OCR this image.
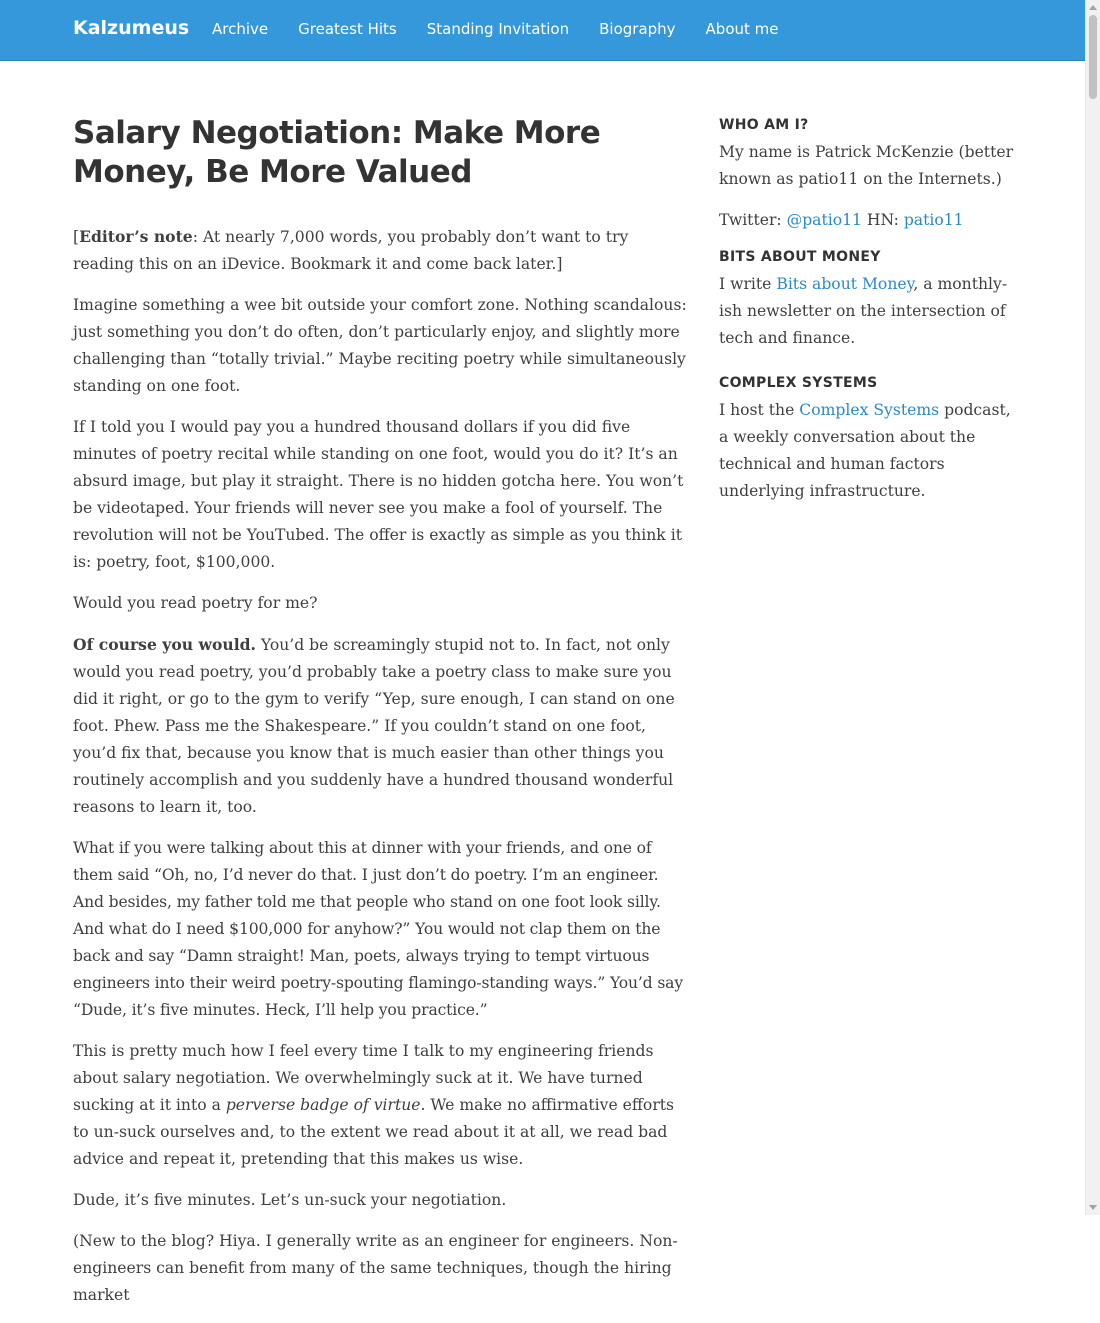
Kalzumeus Archive Greatest Hits Standing Invitation Biography About me
Salary Negotiation: Make More Money, Be More Valued

[Editor’s note: At nearly 7,000 words, you probably don’t want to try reading this on an iDevice. Bookmark it and come back later.]

Imagine something a wee bit outside your comfort zone. Nothing scandalous: just something you don’t do often, don’t particularly enjoy, and slightly more challenging than “totally trivial.” Maybe reciting poetry while simultaneously standing on one foot.

If I told you I would pay you a hundred thousand dollars if you did five minutes of poetry recital while standing on one foot, would you do it? It’s an absurd image, but play it straight. There is no hidden gotcha here. You won’t be videotaped. Your friends will never see you make a fool of yourself. The revolution will not be YouTubed. The offer is exactly as simple as you think it is: poetry, foot, $100,000.

Would you read poetry for me?

Of course you would. You’d be screamingly stupid not to. In fact, not only would you read poetry, you’d probably take a poetry class to make sure you did it right, or go to the gym to verify “Yep, sure enough, I can stand on one foot. Phew. Pass me the Shakespeare.” If you couldn’t stand on one foot, you’d fix that, because you know that is much easier than other things you routinely accomplish and you suddenly have a hundred thousand wonderful reasons to learn it, too.

What if you were talking about this at dinner with your friends, and one of them said “Oh, no, I’d never do that. I just don’t do poetry. I’m an engineer. And besides, my father told me that people who stand on one foot look silly. And what do I need $100,000 for anyhow?” You would not clap them on the back and say “Damn straight! Man, poets, always trying to tempt virtuous engineers into their weird poetry-spouting flamingo-standing ways.” You’d say “Dude, it’s five minutes. Heck, I’ll help you practice.”

This is pretty much how I feel every time I talk to my engineering friends about salary negotiation. We overwhelmingly suck at it. We have turned sucking at it into a perverse badge of virtue. We make no affirmative efforts to un-suck ourselves and, to the extent we read about it at all, we read bad advice and repeat it, pretending that this makes us wise.

Dude, it’s five minutes. Let’s un-suck your negotiation.

(New to the blog? Hiya. I generally write as an engineer for engineers. Non-engineers can benefit from many of the same techniques, though the hiring market

WHO AM I?

My name is Patrick McKenzie (better known as patio11 on the Internets.)

Twitter: @patio11 HN: patio11

BITS ABOUT MONEY

I write Bits about Money, a monthly-ish newsletter on the intersection of tech and finance.

COMPLEX SYSTEMS

I host the Complex Systems podcast, a weekly conversation about the technical and human factors underlying infrastructure.
